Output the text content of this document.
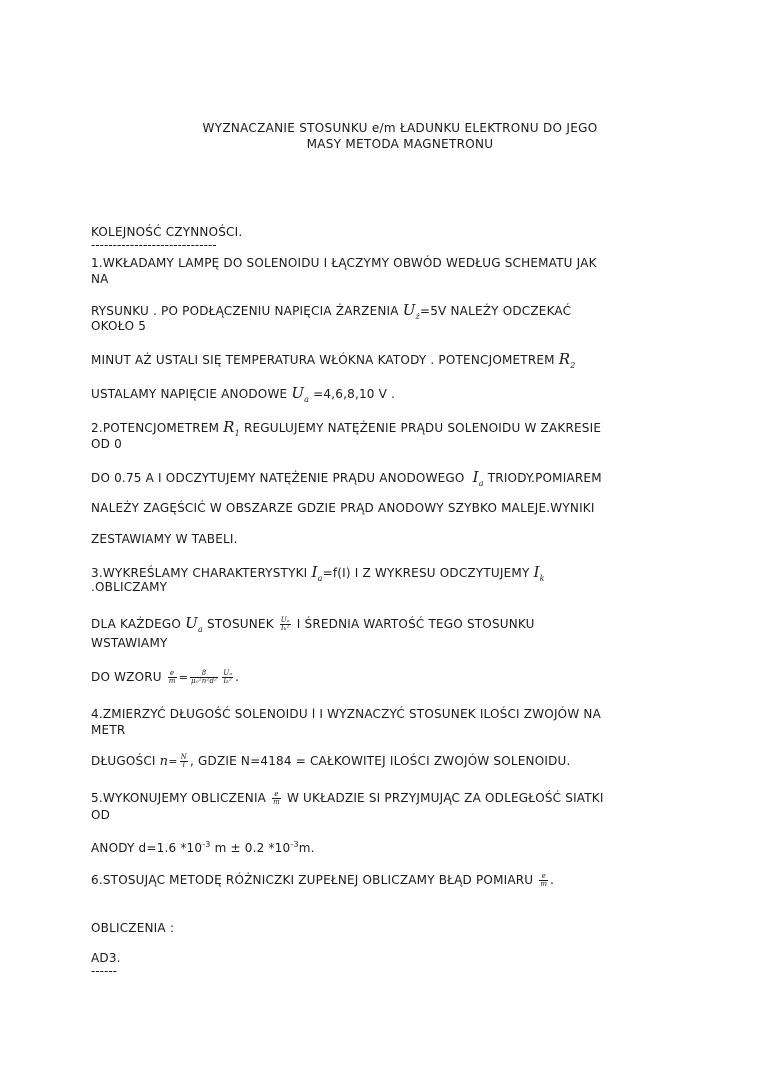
WYZNACZANIE STOSUNKU e/m ŁADUNKU ELEKTRONU DO JEGO
MASY METODA MAGNETRONU
KOLEJNOŚĆ CZYNNOŚCI.
-----------------------------
1.WKŁADAMY LAMPĘ DO SOLENOIDU I ŁĄCZYMY OBWÓD WEDŁUG SCHEMATU JAK
NA
RYSUNKU . PO PODŁĄCZENIU NAPIĘCIA ŻARZENIA $U_ż=5V$ NALEŻY ODCZEKAĆ
OKOŁO 5
MINUT AŻ USTALI SIĘ TEMPERATURA WŁÓKNA KATODY . POTENCJOMETREM $R_2$
USTALAMY NAPIĘCIE ANODOWE $U_a =4,6,8,10$ V .
2.POTENCJOMETREM $R_1$ REGULUJEMY NATĘŻENIE PRĄDU SOLENOIDU W ZAKRESIE
OD 0
DO 0.75 A I ODCZYTUJEMY NATĘŻENIE PRĄDU ANODOWEGO $I_a$ TRIODY.POMIAREM
NALEŻY ZAGĘŚCIĆ W OBSZARZE GDZIE PRĄD ANODOWY SZYBKO MALEJE.WYNIKI
ZESTAWIAMY W TABELI.
3.WYKREŚLAMY CHARAKTERYSTYKI $I_a=f(I)$ I Z WYKRESU ODCZYTUJEMY $I_k$
.OBLICZAMY
DLA KAŻDEGO $U_a$ STOSUNEK $\frac{\text{Uₐ}}{\text{Iₖ²}}$ I ŚREDNIA WARTOŚĆ TEGO STOSUNKU
WSTAWIAMY
DO WZORU $\frac{e}{m} = \frac{8}{\text{μ₀²n²d²}} \frac{\text{Uₐ}}{\text{Iₖ²}}$ .
4.ZMIERZYĆ DŁUGOŚĆ SOLENOIDU l I WYZNACZYĆ STOSUNEK ILOŚCI ZWOJÓW NA
METR
DŁUGOŚCI $n= \frac{N}{l}$ , GDZIE N=4184 = CAŁKOWITEJ ILOŚCI ZWOJÓW SOLENOIDU.
5.WYKONUJEMY OBLICZENIA $\frac{e}{m}$ W UKŁADZIE SI PRZYJMUJĄC ZA ODLEGŁOŚĆ SIATKI
OD
ANODY d=1.6 $*10^{-3}$ m ± 0.2 $*10^{-3}m$.
6.STOSUJĄC METODĘ RÓŻNICZKI ZUPEŁNEJ OBLICZAMY BŁĄD POMIARU $\frac{e}{m}$ .
OBLICZENIA :
AD3.
------
